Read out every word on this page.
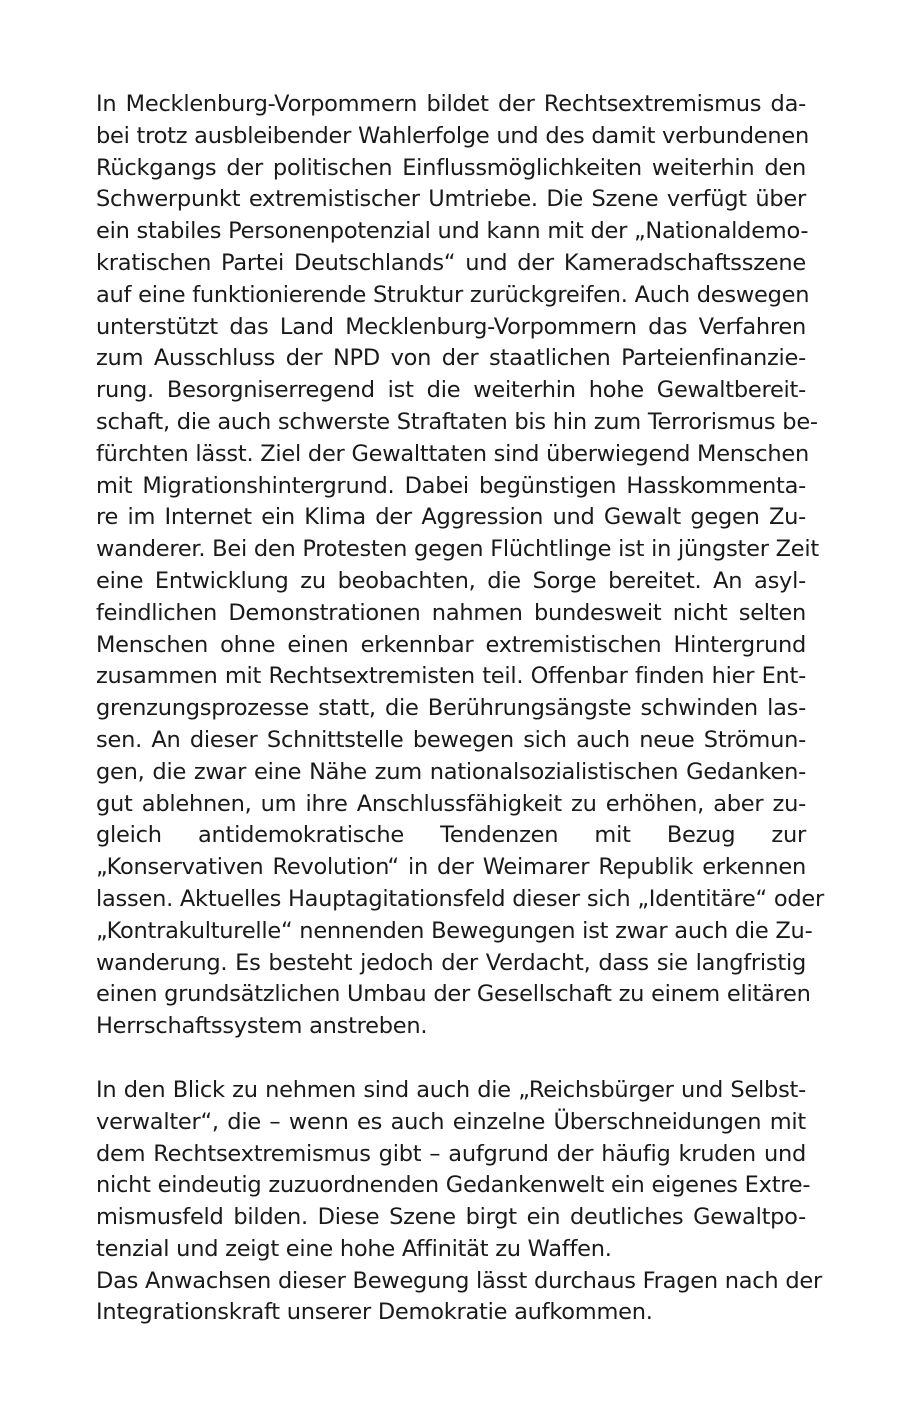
In Mecklenburg-Vorpommern bildet der Rechtsextremismus da-
bei trotz ausbleibender Wahlerfolge und des damit verbundenen
Rückgangs der politischen Einflussmöglichkeiten weiterhin den
Schwerpunkt extremistischer Umtriebe. Die Szene verfügt über
ein stabiles Personenpotenzial und kann mit der „Nationaldemo-
kratischen Partei Deutschlands“ und der Kameradschaftsszene
auf eine funktionierende Struktur zurückgreifen. Auch deswegen
unterstützt das Land Mecklenburg-Vorpommern das Verfahren
zum Ausschluss der NPD von der staatlichen Parteienfinanzie-
rung. Besorgniserregend ist die weiterhin hohe Gewaltbereit-
schaft, die auch schwerste Straftaten bis hin zum Terrorismus be-
fürchten lässt. Ziel der Gewalttaten sind überwiegend Menschen
mit Migrationshintergrund. Dabei begünstigen Hasskommenta-
re im Internet ein Klima der Aggression und Gewalt gegen Zu-
wanderer. Bei den Protesten gegen Flüchtlinge ist in jüngster Zeit
eine Entwicklung zu beobachten, die Sorge bereitet. An asyl-
feindlichen Demonstrationen nahmen bundesweit nicht selten
Menschen ohne einen erkennbar extremistischen Hintergrund
zusammen mit Rechtsextremisten teil. Offenbar finden hier Ent-
grenzungsprozesse statt, die Berührungsängste schwinden las-
sen. An dieser Schnittstelle bewegen sich auch neue Strömun-
gen, die zwar eine Nähe zum nationalsozialistischen Gedanken-
gut ablehnen, um ihre Anschlussfähigkeit zu erhöhen, aber zu-
gleich antidemokratische Tendenzen mit Bezug zur
„Konservativen Revolution“ in der Weimarer Republik erkennen
lassen. Aktuelles Hauptagitationsfeld dieser sich „Identitäre“ oder
„Kontrakulturelle“ nennenden Bewegungen ist zwar auch die Zu-
wanderung. Es besteht jedoch der Verdacht, dass sie langfristig
einen grundsätzlichen Umbau der Gesellschaft zu einem elitären
Herrschaftssystem anstreben.
In den Blick zu nehmen sind auch die „Reichsbürger und Selbst-
verwalter“, die – wenn es auch einzelne Überschneidungen mit
dem Rechtsextremismus gibt – aufgrund der häufig kruden und
nicht eindeutig zuzuordnenden Gedankenwelt ein eigenes Extre-
mismusfeld bilden. Diese Szene birgt ein deutliches Gewaltpo-
tenzial und zeigt eine hohe Affinität zu Waffen.
Das Anwachsen dieser Bewegung lässt durchaus Fragen nach der
Integrationskraft unserer Demokratie aufkommen.
